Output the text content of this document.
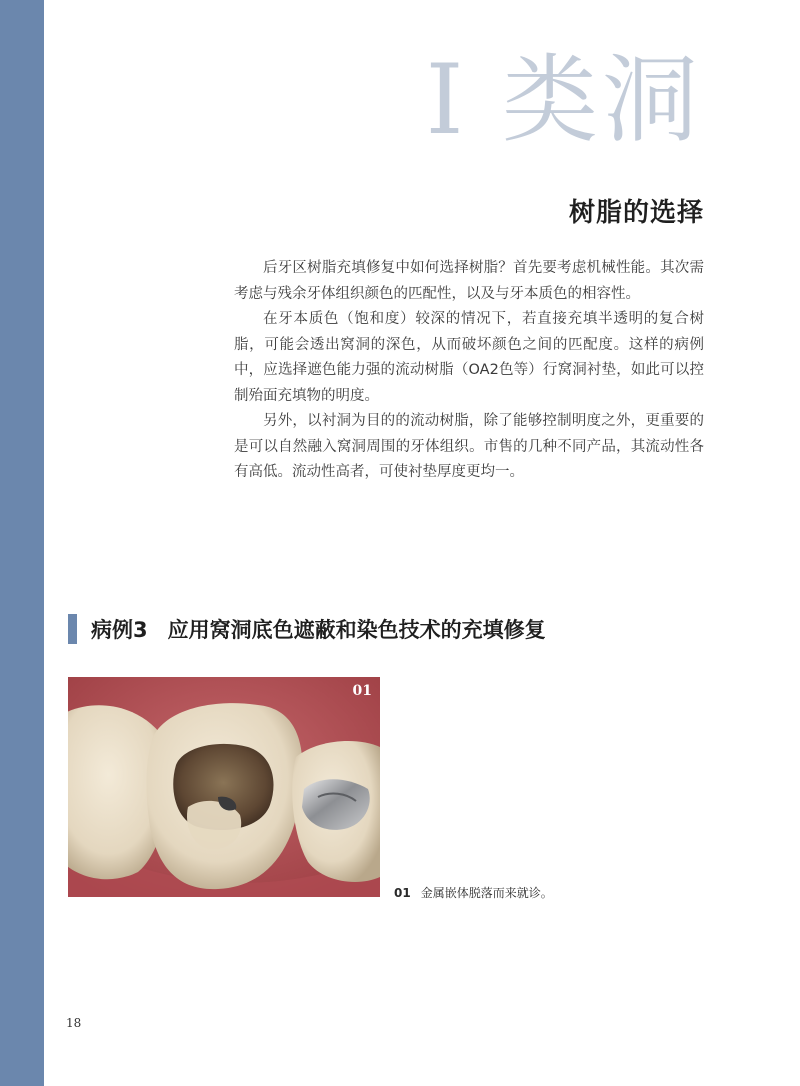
I 类洞
树脂的选择

后牙区树脂充填修复中如何选择树脂？首先要考虑机械性能。其次需考虑与残余牙体组织颜色的匹配性，以及与牙本质色的相容性。

在牙本质色（饱和度）较深的情况下，若直接充填半透明的复合树脂，可能会透出窝洞的深色，从而破坏颜色之间的匹配度。这样的病例中，应选择遮色能力强的流动树脂（OA2色等）行窝洞衬垫，如此可以控制殆面充填物的明度。

另外，以衬洞为目的的流动树脂，除了能够控制明度之外，更重要的是可以自然融入窝洞周围的牙体组织。市售的几种不同产品，其流动性各有高低。流动性高者，可使衬垫厚度更均一。

病例3 应用窝洞底色遮蔽和染色技术的充填修复
01
01 金属嵌体脱落而来就诊。
18
